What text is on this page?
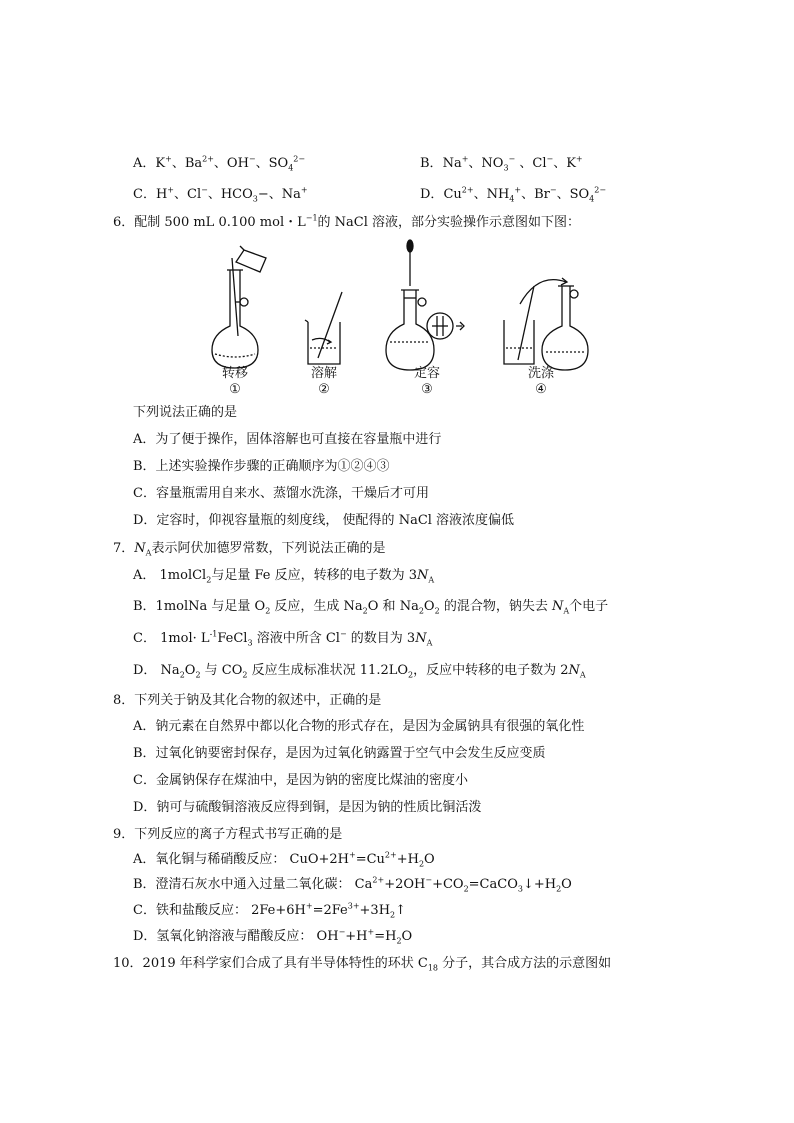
A．K+、$Ba^{2+}$、OH−、$SO_4^{2-}$	B．Na+、$NO_3^-$ 、Cl−、K+
C．H+、Cl−、$HCO_3-$、Na+	D．$Cu^{2+}$、$NH_4^+$、Br−、$SO_4^{2-}$
6．配制 500 mL 0.100 mol・$L^{-1}$的 NaCl 溶液，部分实验操作示意图如下图：
转移
①
溶解
②
定容
③
洗涤
④
下列说法正确的是
A．为了便于操作，固体溶解也可直接在容量瓶中进行
B．上述实验操作步骤的正确顺序为①②④③
C．容量瓶需用自来水、蒸馏水洗涤，干燥后才可用
D．定容时，仰视容量瓶的刻度线， 使配得的 NaCl 溶液浓度偏低
7．$N_A$表示阿伏加德罗常数，下列说法正确的是
A． 1molCl$_2$与足量 Fe 反应，转移的电子数为 $3N_A$
B．1molNa 与足量 $O_2$ 反应，生成 $Na_2O$ 和 $Na_2O_2$ 的混合物，钠失去 $N_A$个电子
C． $1mol\cdot L^{-1}FeCl_3$ 溶液中所含 Cl− 的数目为 $3N_A$
D． $Na_2O_2$ 与 $CO_2$ 反应生成标准状况 $11.2LO_2$，反应中转移的电子数为 $2N_A$
8．下列关于钠及其化合物的叙述中，正确的是
A．钠元素在自然界中都以化合物的形式存在，是因为金属钠具有很强的氧化性
B．过氧化钠要密封保存，是因为过氧化钠露置于空气中会发生反应变质
C．金属钠保存在煤油中，是因为钠的密度比煤油的密度小
D．钠可与硫酸铜溶液反应得到铜，是因为钠的性质比铜活泼
9．下列反应的离子方程式书写正确的是
A．氧化铜与稀硝酸反应： $CuO+2H^+=Cu^{2+}+H_2O$
B．澄清石灰水中通入过量二氧化碳： $Ca^{2+}+2OH^-+CO_2=CaCO_3↓+H_2O$
C．铁和盐酸反应： $2Fe+6H^+=2Fe^{3+}+3H_2↑$
D．氢氧化钠溶液与醋酸反应： $OH^-+H^+=H_2O$
10．2019 年科学家们合成了具有半导体特性的环状 $C_{18}$ 分子，其合成方法的示意图如
